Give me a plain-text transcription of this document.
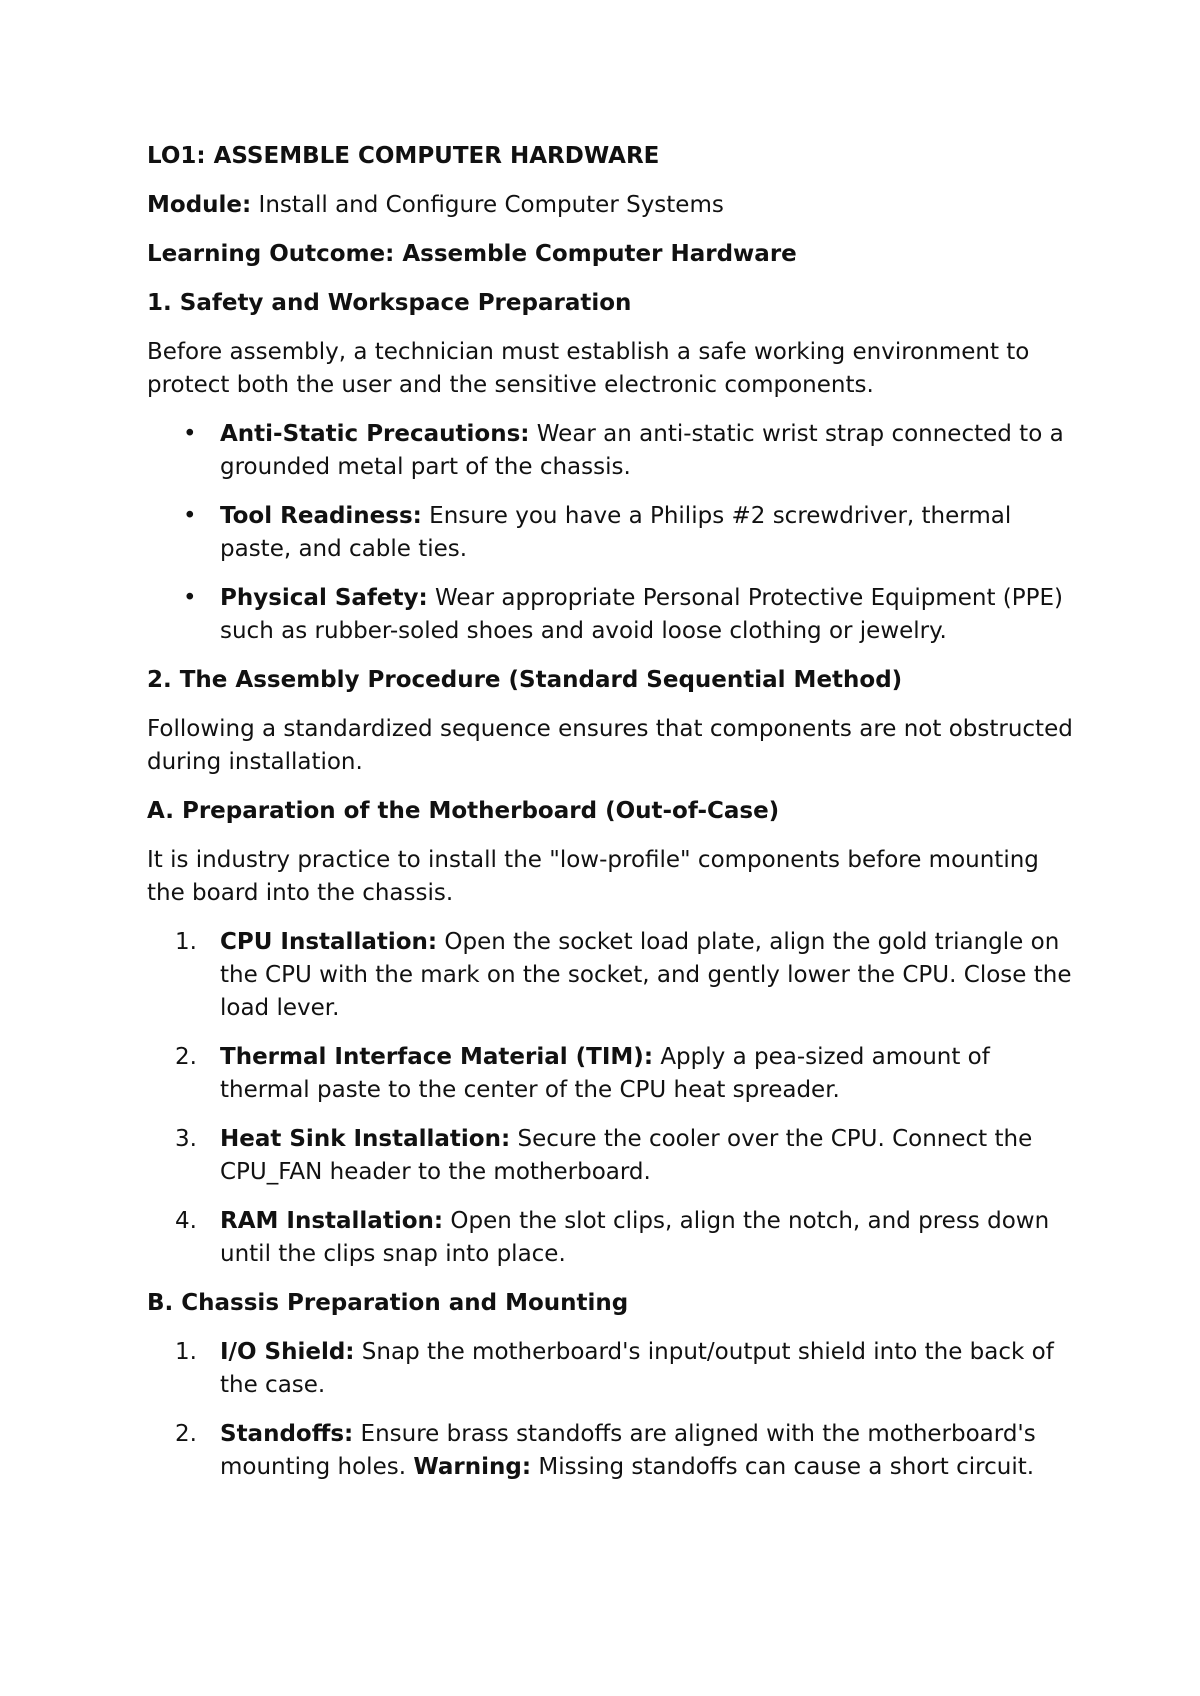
LO1: ASSEMBLE COMPUTER HARDWARE

Module: Install and Configure Computer Systems

Learning Outcome: Assemble Computer Hardware

1. Safety and Workspace Preparation

Before assembly, a technician must establish a safe working environment to protect both the user and the sensitive electronic components.

• Anti-Static Precautions: Wear an anti-static wrist strap connected to a grounded metal part of the chassis.
• Tool Readiness: Ensure you have a Philips #2 screwdriver, thermal paste, and cable ties.
• Physical Safety: Wear appropriate Personal Protective Equipment (PPE) such as rubber-soled shoes and avoid loose clothing or jewelry.

2. The Assembly Procedure (Standard Sequential Method)

Following a standardized sequence ensures that components are not obstructed during installation.

A. Preparation of the Motherboard (Out-of-Case)

It is industry practice to install the "low-profile" components before mounting the board into the chassis.

1. CPU Installation: Open the socket load plate, align the gold triangle on the CPU with the mark on the socket, and gently lower the CPU. Close the load lever.
2. Thermal Interface Material (TIM): Apply a pea-sized amount of thermal paste to the center of the CPU heat spreader.
3. Heat Sink Installation: Secure the cooler over the CPU. Connect the CPU_FAN header to the motherboard.
4. RAM Installation: Open the slot clips, align the notch, and press down until the clips snap into place.

B. Chassis Preparation and Mounting

1. I/O Shield: Snap the motherboard's input/output shield into the back of the case.
2. Standoffs: Ensure brass standoffs are aligned with the motherboard's mounting holes. Warning: Missing standoffs can cause a short circuit.
